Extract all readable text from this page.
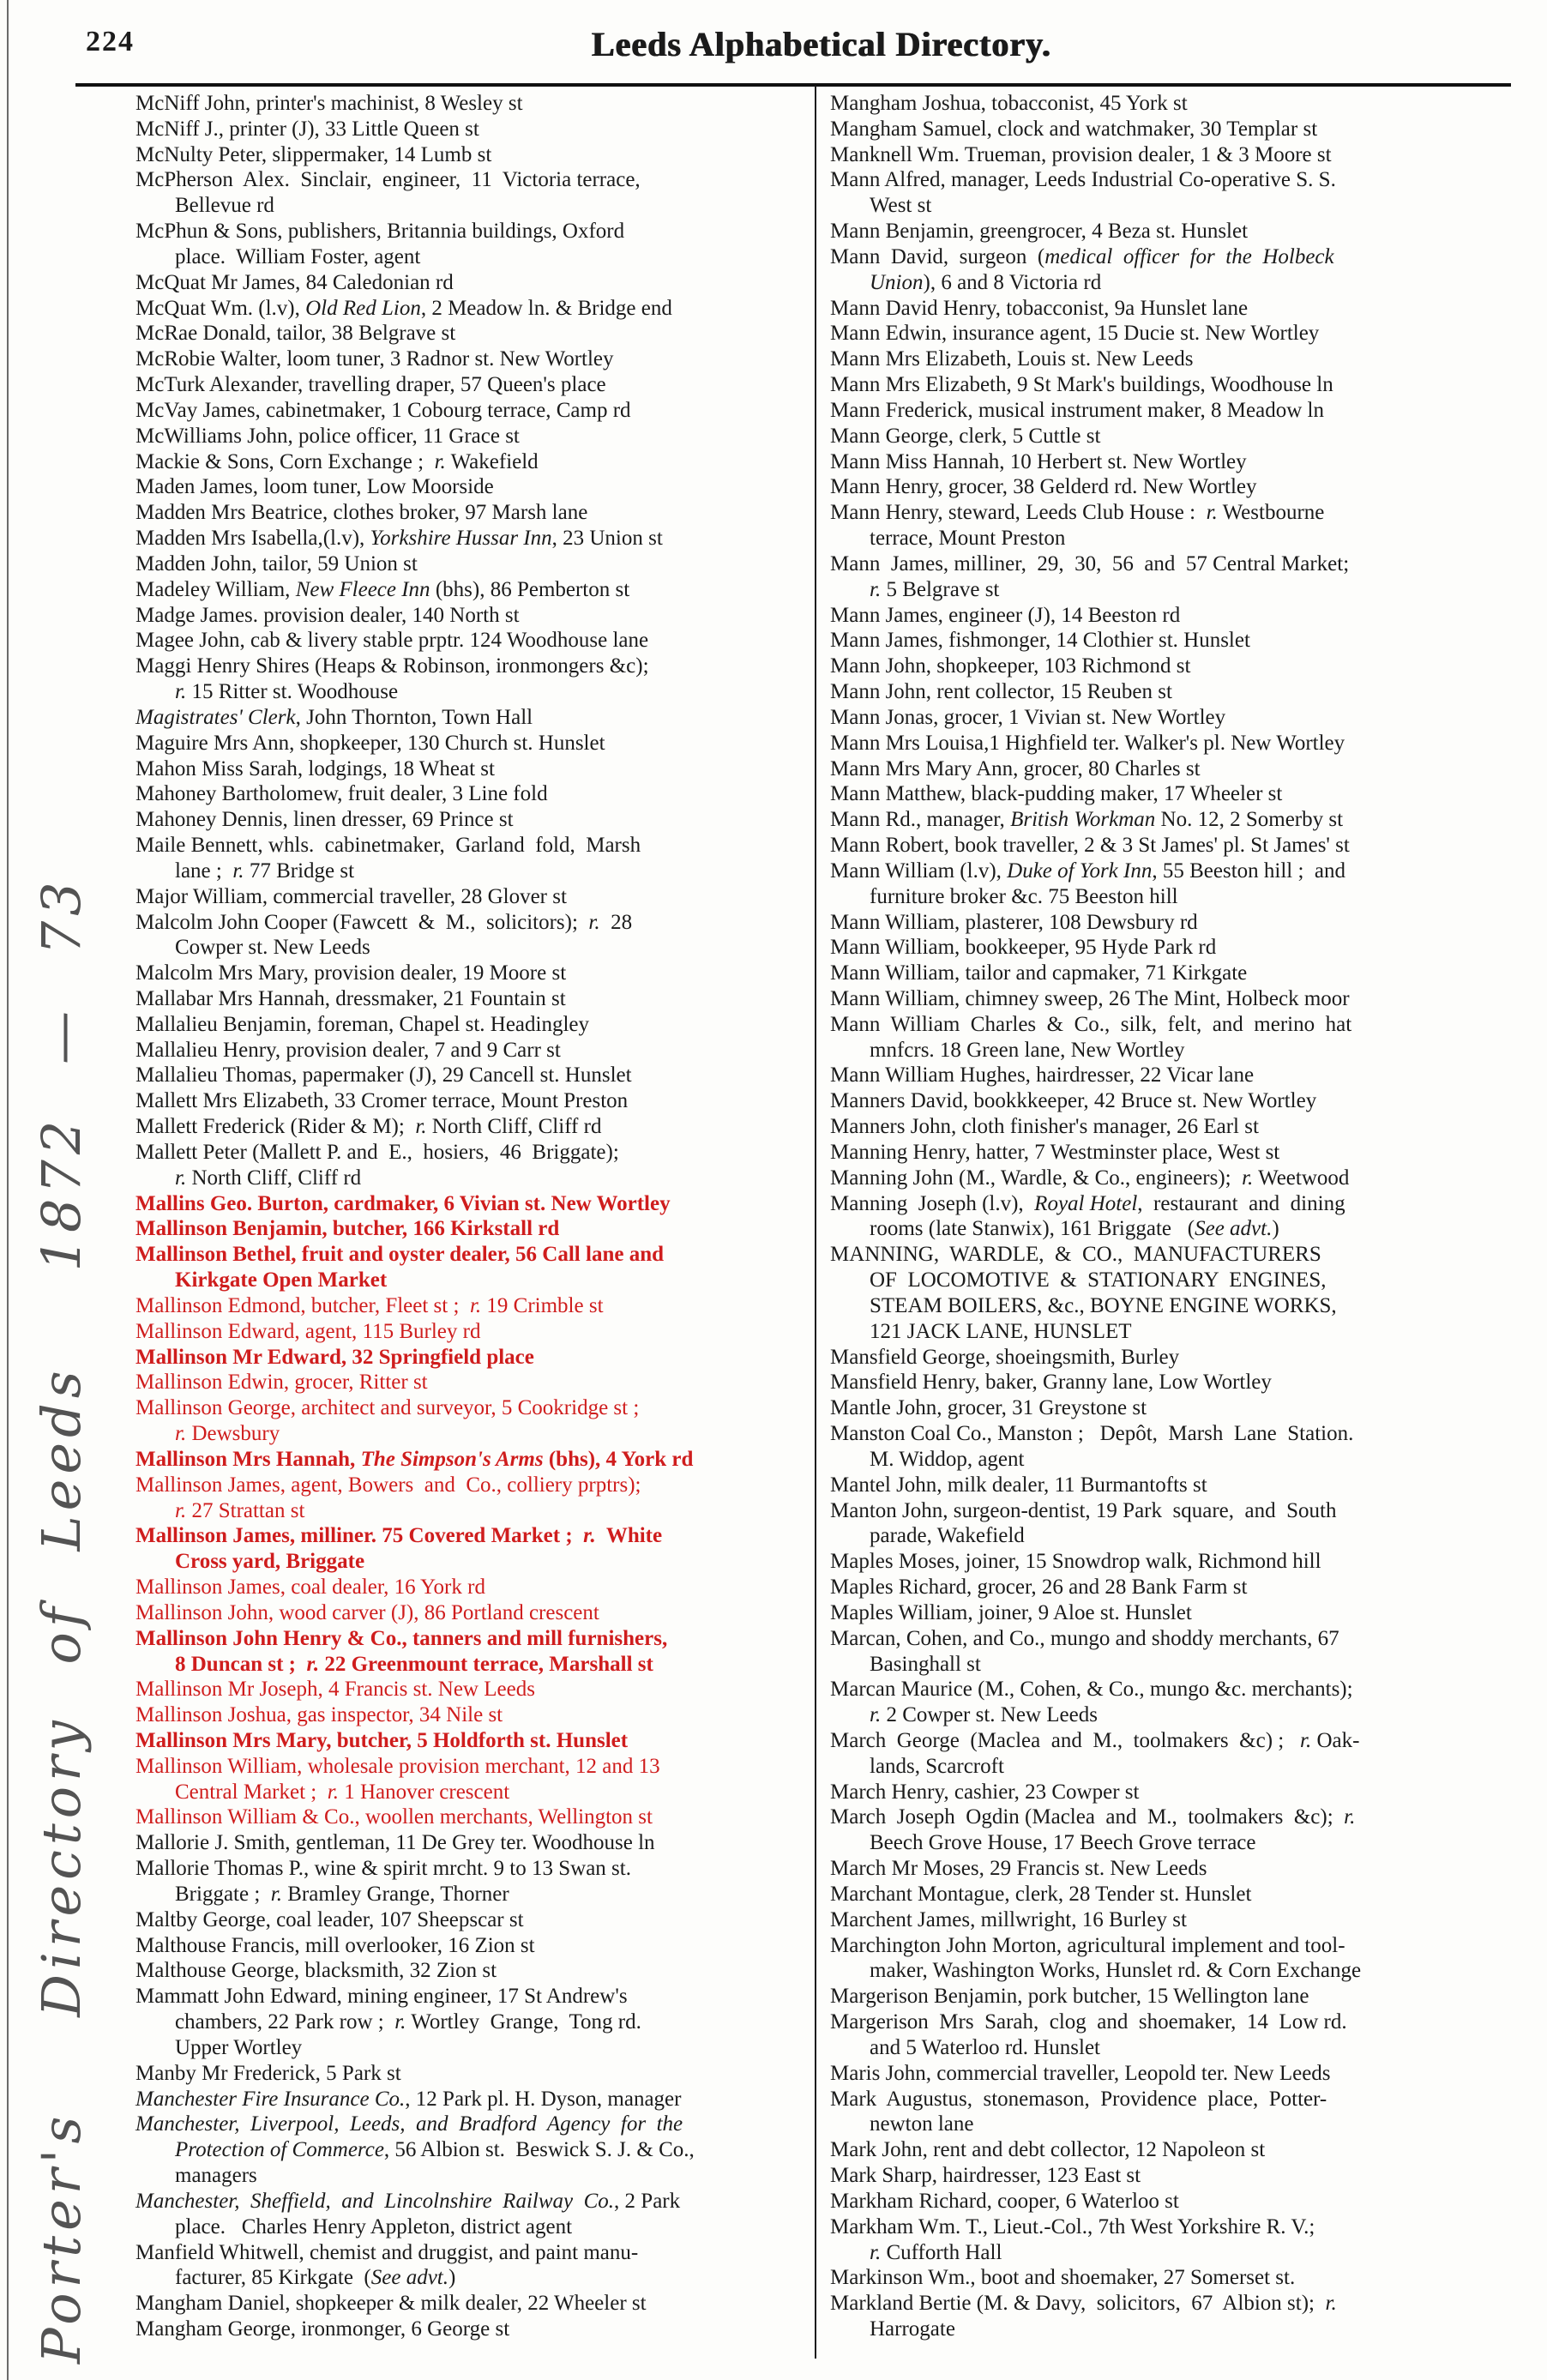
Porter's
Directory of Leeds
1872 — 73
224	Leeds Alphabetical Directory.
McNiff John, printer's machinist, 8 Wesley st
McNiff J., printer (J), 33 Little Queen st
McNulty Peter, slippermaker, 14 Lumb st
McPherson  Alex.  Sinclair,  engineer,  11  Victoria terrace,
Bellevue rd
McPhun & Sons, publishers, Britannia buildings, Oxford
place.  William Foster, agent
McQuat Mr James, 84 Caledonian rd
McQuat Wm. (l.v), Old Red Lion, 2 Meadow ln. & Bridge end
McRae Donald, tailor, 38 Belgrave st
McRobie Walter, loom tuner, 3 Radnor st. New Wortley
McTurk Alexander, travelling draper, 57 Queen's place
McVay James, cabinetmaker, 1 Cobourg terrace, Camp rd
McWilliams John, police officer, 11 Grace st
Mackie & Sons, Corn Exchange ;  r. Wakefield
Maden James, loom tuner, Low Moorside
Madden Mrs Beatrice, clothes broker, 97 Marsh lane
Madden Mrs Isabella,(l.v), Yorkshire Hussar Inn, 23 Union st
Madden John, tailor, 59 Union st
Madeley William, New Fleece Inn (bhs), 86 Pemberton st
Madge James. provision dealer, 140 North st
Magee John, cab & livery stable prptr. 124 Woodhouse lane
Maggi Henry Shires (Heaps & Robinson, ironmongers &c);
r. 15 Ritter st. Woodhouse
Magistrates' Clerk, John Thornton, Town Hall
Maguire Mrs Ann, shopkeeper, 130 Church st. Hunslet
Mahon Miss Sarah, lodgings, 18 Wheat st
Mahoney Bartholomew, fruit dealer, 3 Line fold
Mahoney Dennis, linen dresser, 69 Prince st
Maile Bennett, whls.  cabinetmaker,  Garland  fold,  Marsh
lane ;  r. 77 Bridge st
Major William, commercial traveller, 28 Glover st
Malcolm John Cooper (Fawcett  &  M.,  solicitors);  r.  28
Cowper st. New Leeds
Malcolm Mrs Mary, provision dealer, 19 Moore st
Mallabar Mrs Hannah, dressmaker, 21 Fountain st
Mallalieu Benjamin, foreman, Chapel st. Headingley
Mallalieu Henry, provision dealer, 7 and 9 Carr st
Mallalieu Thomas, papermaker (J), 29 Cancell st. Hunslet
Mallett Mrs Elizabeth, 33 Cromer terrace, Mount Preston
Mallett Frederick (Rider & M);  r. North Cliff, Cliff rd
Mallett Peter (Mallett P. and  E.,  hosiers,  46  Briggate);
r. North Cliff, Cliff rd
Mallins Geo. Burton, cardmaker, 6 Vivian st. New Wortley
Mallinson Benjamin, butcher, 166 Kirkstall rd
Mallinson Bethel, fruit and oyster dealer, 56 Call lane and
Kirkgate Open Market
Mallinson Edmond, butcher, Fleet st ;  r. 19 Crimble st
Mallinson Edward, agent, 115 Burley rd
Mallinson Mr Edward, 32 Springfield place
Mallinson Edwin, grocer, Ritter st
Mallinson George, architect and surveyor, 5 Cookridge st ;
r. Dewsbury
Mallinson Mrs Hannah, The Simpson's Arms (bhs), 4 York rd
Mallinson James, agent, Bowers  and  Co., colliery prptrs);
r. 27 Strattan st
Mallinson James, milliner. 75 Covered Market ;  r.  White
Cross yard, Briggate
Mallinson James, coal dealer, 16 York rd
Mallinson John, wood carver (J), 86 Portland crescent
Mallinson John Henry & Co., tanners and mill furnishers,
8 Duncan st ;  r. 22 Greenmount terrace, Marshall st
Mallinson Mr Joseph, 4 Francis st. New Leeds
Mallinson Joshua, gas inspector, 34 Nile st
Mallinson Mrs Mary, butcher, 5 Holdforth st. Hunslet
Mallinson William, wholesale provision merchant, 12 and 13
Central Market ;  r. 1 Hanover crescent
Mallinson William & Co., woollen merchants, Wellington st
Mallorie J. Smith, gentleman, 11 De Grey ter. Woodhouse ln
Mallorie Thomas P., wine & spirit mrcht. 9 to 13 Swan st.
Briggate ;  r. Bramley Grange, Thorner
Maltby George, coal leader, 107 Sheepscar st
Malthouse Francis, mill overlooker, 16 Zion st
Malthouse George, blacksmith, 32 Zion st
Mammatt John Edward, mining engineer, 17 St Andrew's
chambers, 22 Park row ;  r. Wortley  Grange,  Tong rd.
Upper Wortley
Manby Mr Frederick, 5 Park st
Manchester Fire Insurance Co., 12 Park pl. H. Dyson, manager
Manchester,  Liverpool,  Leeds,  and  Bradford  Agency  for  the
Protection of Commerce, 56 Albion st.  Beswick S. J. & Co.,
managers
Manchester,  Sheffield,  and  Lincolnshire  Railway  Co., 2 Park
place.   Charles Henry Appleton, district agent
Manfield Whitwell, chemist and druggist, and paint manu-
facturer, 85 Kirkgate  (See advt.)
Mangham Daniel, shopkeeper & milk dealer, 22 Wheeler st
Mangham George, ironmonger, 6 George st
Mangham Joshua, tobacconist, 45 York st
Mangham Samuel, clock and watchmaker, 30 Templar st
Manknell Wm. Trueman, provision dealer, 1 & 3 Moore st
Mann Alfred, manager, Leeds Industrial Co-operative S. S.
West st
Mann Benjamin, greengrocer, 4 Beza st. Hunslet
Mann  David,  surgeon  (medical  officer  for  the  Holbeck
Union), 6 and 8 Victoria rd
Mann David Henry, tobacconist, 9a Hunslet lane
Mann Edwin, insurance agent, 15 Ducie st. New Wortley
Mann Mrs Elizabeth, Louis st. New Leeds
Mann Mrs Elizabeth, 9 St Mark's buildings, Woodhouse ln
Mann Frederick, musical instrument maker, 8 Meadow ln
Mann George, clerk, 5 Cuttle st
Mann Miss Hannah, 10 Herbert st. New Wortley
Mann Henry, grocer, 38 Gelderd rd. New Wortley
Mann Henry, steward, Leeds Club House :  r. Westbourne
terrace, Mount Preston
Mann  James, milliner,  29,  30,  56  and  57 Central Market;
r. 5 Belgrave st
Mann James, engineer (J), 14 Beeston rd
Mann James, fishmonger, 14 Clothier st. Hunslet
Mann John, shopkeeper, 103 Richmond st
Mann John, rent collector, 15 Reuben st
Mann Jonas, grocer, 1 Vivian st. New Wortley
Mann Mrs Louisa,1 Highfield ter. Walker's pl. New Wortley
Mann Mrs Mary Ann, grocer, 80 Charles st
Mann Matthew, black-pudding maker, 17 Wheeler st
Mann Rd., manager, British Workman No. 12, 2 Somerby st
Mann Robert, book traveller, 2 & 3 St James' pl. St James' st
Mann William (l.v), Duke of York Inn, 55 Beeston hill ;  and
furniture broker &c. 75 Beeston hill
Mann William, plasterer, 108 Dewsbury rd
Mann William, bookkeeper, 95 Hyde Park rd
Mann William, tailor and capmaker, 71 Kirkgate
Mann William, chimney sweep, 26 The Mint, Holbeck moor
Mann  William  Charles  &  Co.,  silk,  felt,  and  merino  hat
mnfcrs. 18 Green lane, New Wortley
Mann William Hughes, hairdresser, 22 Vicar lane
Manners David, bookkkeeper, 42 Bruce st. New Wortley
Manners John, cloth finisher's manager, 26 Earl st
Manning Henry, hatter, 7 Westminster place, West st
Manning John (M., Wardle, & Co., engineers);  r. Weetwood
Manning  Joseph (l.v),  Royal Hotel,  restaurant  and  dining
rooms (late Stanwix), 161 Briggate   (See advt.)
MANNING,  WARDLE,  &  CO.,  MANUFACTURERS
OF  LOCOMOTIVE  &  STATIONARY  ENGINES,
STEAM BOILERS, &c., BOYNE ENGINE WORKS,
121 JACK LANE, HUNSLET
Mansfield George, shoeingsmith, Burley
Mansfield Henry, baker, Granny lane, Low Wortley
Mantle John, grocer, 31 Greystone st
Manston Coal Co., Manston ;   Depôt,  Marsh  Lane  Station.
M. Widdop, agent
Mantel John, milk dealer, 11 Burmantofts st
Manton John, surgeon-dentist, 19 Park  square,  and  South
parade, Wakefield
Maples Moses, joiner, 15 Snowdrop walk, Richmond hill
Maples Richard, grocer, 26 and 28 Bank Farm st
Maples William, joiner, 9 Aloe st. Hunslet
Marcan, Cohen, and Co., mungo and shoddy merchants, 67
Basinghall st
Marcan Maurice (M., Cohen, & Co., mungo &c. merchants);
r. 2 Cowper st. New Leeds
March  George  (Maclea  and  M.,  toolmakers  &c) ;   r. Oak-
lands, Scarcroft
March Henry, cashier, 23 Cowper st
March  Joseph  Ogdin (Maclea  and  M.,  toolmakers  &c);  r.
Beech Grove House, 17 Beech Grove terrace
March Mr Moses, 29 Francis st. New Leeds
Marchant Montague, clerk, 28 Tender st. Hunslet
Marchent James, millwright, 16 Burley st
Marchington John Morton, agricultural implement and tool-
maker, Washington Works, Hunslet rd. & Corn Exchange
Margerison Benjamin, pork butcher, 15 Wellington lane
Margerison  Mrs  Sarah,  clog  and  shoemaker,  14  Low rd.
and 5 Waterloo rd. Hunslet
Maris John, commercial traveller, Leopold ter. New Leeds
Mark  Augustus,  stonemason,  Providence  place,  Potter-
newton lane
Mark John, rent and debt collector, 12 Napoleon st
Mark Sharp, hairdresser, 123 East st
Markham Richard, cooper, 6 Waterloo st
Markham Wm. T., Lieut.-Col., 7th West Yorkshire R. V.;
r. Cufforth Hall
Markinson Wm., boot and shoemaker, 27 Somerset st.
Markland Bertie (M. & Davy,  solicitors,  67  Albion st);  r.
Harrogate
